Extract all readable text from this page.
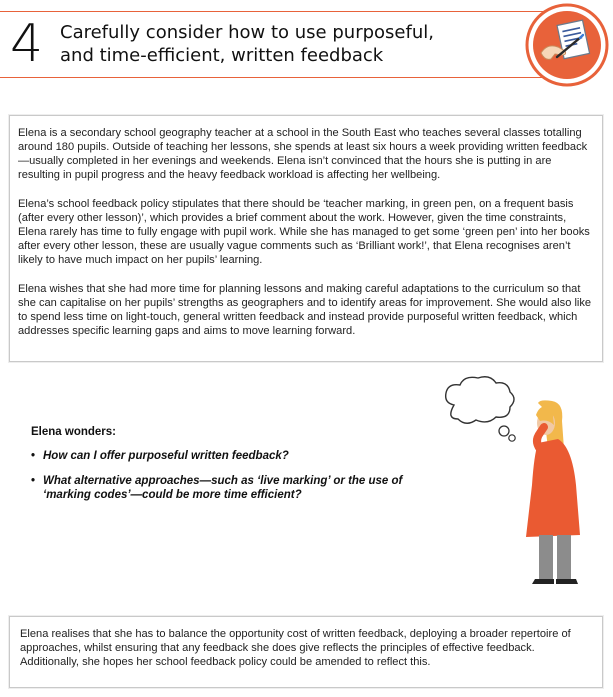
4 Carefully consider how to use purposeful,
and time-efficient, written feedback

Elena is a secondary school geography teacher at a school in the South East who teaches several classes totalling around 180 pupils. Outside of teaching her lessons, she spends at least six hours a week providing written feedback—usually completed in her evenings and weekends. Elena isn’t convinced that the hours she is putting in are resulting in pupil progress and the heavy feedback workload is affecting her wellbeing.

Elena’s school feedback policy stipulates that there should be ‘teacher marking, in green pen, on a frequent basis (after every other lesson)’, which provides a brief comment about the work. However, given the time constraints, Elena rarely has time to fully engage with pupil work. While she has managed to get some ‘green pen’ into her books after every other lesson, these are usually vague comments such as ‘Brilliant work!’, that Elena recognises aren’t likely to have much impact on her pupils’ learning.

Elena wishes that she had more time for planning lessons and making careful adaptations to the curriculum so that she can capitalise on her pupils’ strengths as geographers and to identify areas for improvement. She would also like to spend less time on light-touch, general written feedback and instead provide purposeful written feedback, which addresses specific learning gaps and aims to move learning forward.

Elena wonders:
• How can I offer purposeful written feedback?
• What alternative approaches—such as ‘live marking’ or the use of ‘marking codes’—could be more time efficient?

Elena realises that she has to balance the opportunity cost of written feedback, deploying a broader repertoire of approaches, whilst ensuring that any feedback she does give reflects the principles of effective feedback. Additionally, she hopes her school feedback policy could be amended to reflect this.
